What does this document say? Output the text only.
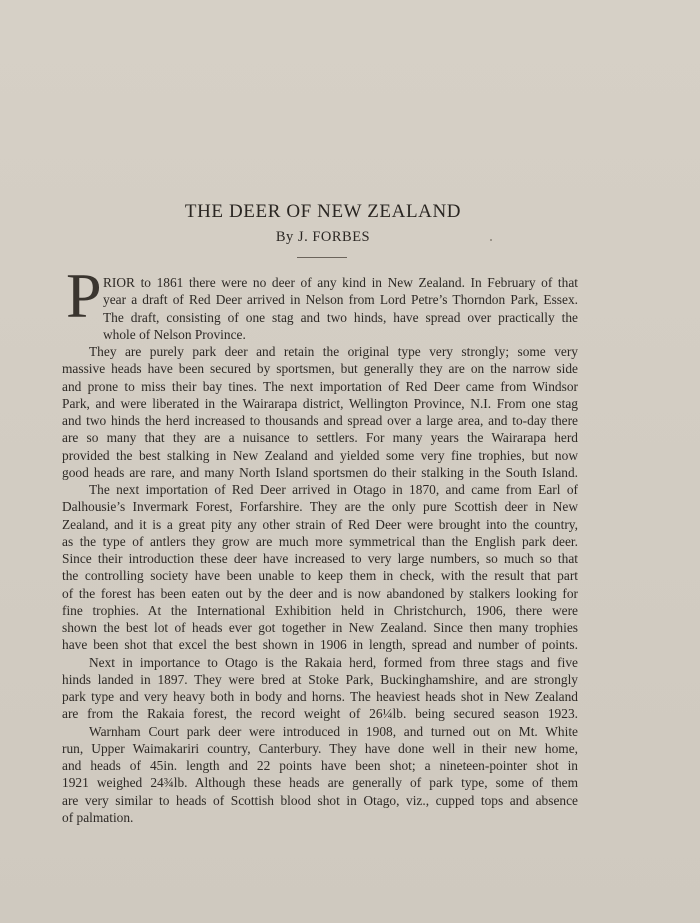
THE DEER OF NEW ZEALAND
By J. FORBES
P RIOR to 1861 there were no deer of any kind in New Zealand. In February of that
year a draft of Red Deer arrived in Nelson from Lord Petre’s Thorndon Park, Essex.
The draft, consisting of one stag and two hinds, have spread over practically the
whole of Nelson Province.
They are purely park deer and retain the original type very strongly; some very
massive heads have been secured by sportsmen, but generally they are on the narrow side
and prone to miss their bay tines. The next importation of Red Deer came from Windsor
Park, and were liberated in the Wairarapa district, Wellington Province, N.I. From one stag
and two hinds the herd increased to thousands and spread over a large area, and to-day there
are so many that they are a nuisance to settlers. For many years the Wairarapa herd
provided the best stalking in New Zealand and yielded some very fine trophies, but now
good heads are rare, and many North Island sportsmen do their stalking in the South Island.
The next importation of Red Deer arrived in Otago in 1870, and came from Earl of
Dalhousie’s Invermark Forest, Forfarshire. They are the only pure Scottish deer in New
Zealand, and it is a great pity any other strain of Red Deer were brought into the country,
as the type of antlers they grow are much more symmetrical than the English park deer.
Since their introduction these deer have increased to very large numbers, so much so that
the controlling society have been unable to keep them in check, with the result that part
of the forest has been eaten out by the deer and is now abandoned by stalkers looking for
fine trophies. At the International Exhibition held in Christchurch, 1906, there were
shown the best lot of heads ever got together in New Zealand. Since then many trophies
have been shot that excel the best shown in 1906 in length, spread and number of points.
Next in importance to Otago is the Rakaia herd, formed from three stags and five
hinds landed in 1897. They were bred at Stoke Park, Buckinghamshire, and are strongly
park type and very heavy both in body and horns. The heaviest heads shot in New Zealand
are from the Rakaia forest, the record weight of 26¼lb. being secured season 1923.
Warnham Court park deer were introduced in 1908, and turned out on Mt. White
run, Upper Waimakariri country, Canterbury. They have done well in their new home,
and heads of 45in. length and 22 points have been shot; a nineteen-pointer shot in
1921 weighed 24¾lb. Although these heads are generally of park type, some of them
are very similar to heads of Scottish blood shot in Otago, viz., cupped tops and absence
of palmation.
